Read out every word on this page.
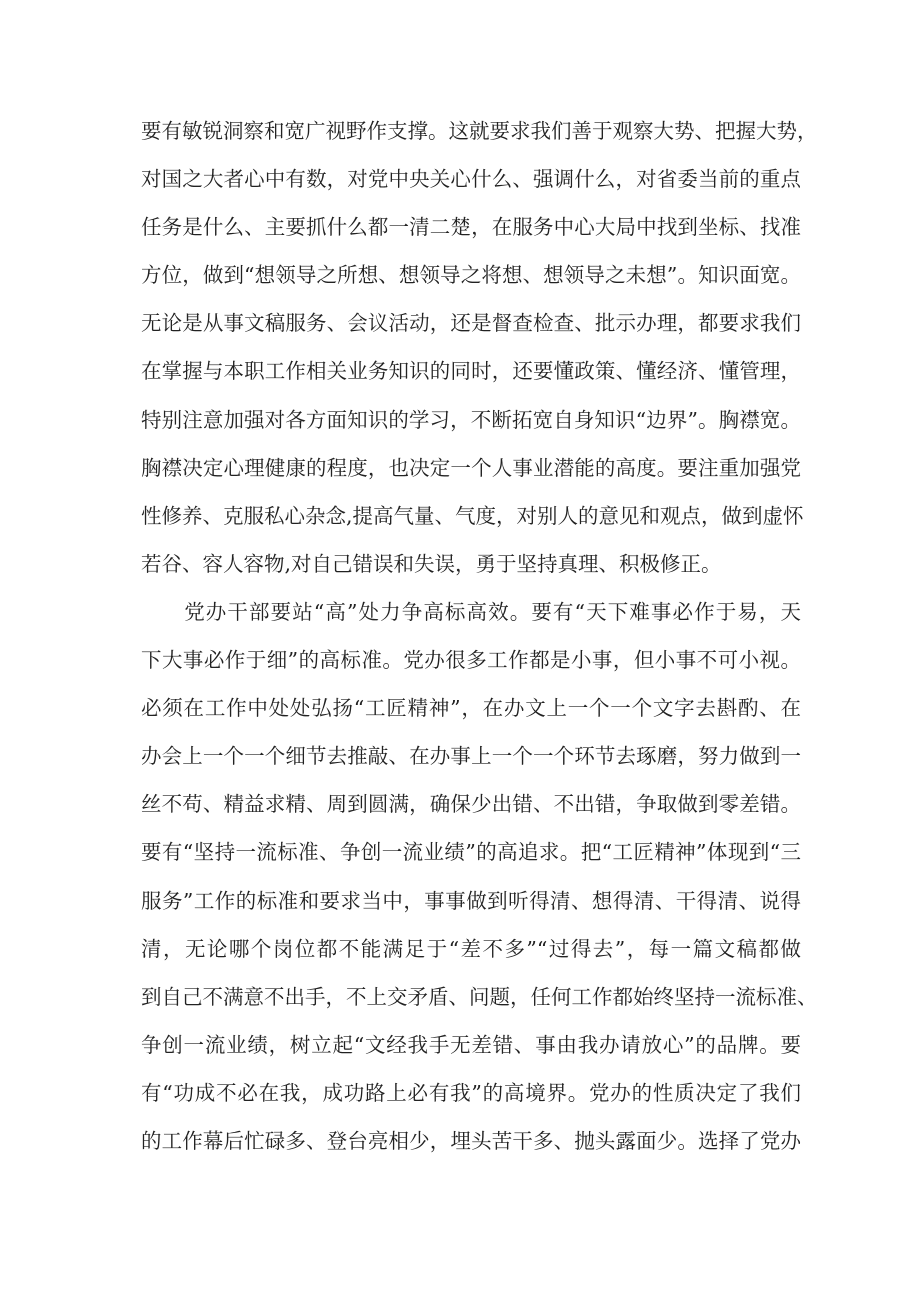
要有敏锐洞察和宽广视野作支撑。这就要求我们善于观察大势、把握大势，
对国之大者心中有数，对党中央关心什么、强调什么，对省委当前的重点
任务是什么、主要抓什么都一清二楚，在服务中心大局中找到坐标、找准
方位，做到“想领导之所想、想领导之将想、想领导之未想”。知识面宽。
无论是从事文稿服务、会议活动，还是督查检查、批示办理，都要求我们
在掌握与本职工作相关业务知识的同时，还要懂政策、懂经济、懂管理，
特别注意加强对各方面知识的学习，不断拓宽自身知识“边界”。胸襟宽。
胸襟决定心理健康的程度，也决定一个人事业潜能的高度。要注重加强党
性修养、克服私心杂念,提高气量、气度，对别人的意见和观点，做到虚怀
若谷、容人容物,对自己错误和失误，勇于坚持真理、积极修正。
　　党办干部要站“高”处力争高标高效。要有“天下难事必作于易，天
下大事必作于细”的高标准。党办很多工作都是小事，但小事不可小视。
必须在工作中处处弘扬“工匠精神”，在办文上一个一个文字去斟酌、在
办会上一个一个细节去推敲、在办事上一个一个环节去琢磨，努力做到一
丝不苟、精益求精、周到圆满，确保少出错、不出错，争取做到零差错。
要有“坚持一流标准、争创一流业绩”的高追求。把“工匠精神”体现到“三
服务”工作的标准和要求当中，事事做到听得清、想得清、干得清、说得
清，无论哪个岗位都不能满足于“差不多”“过得去”，每一篇文稿都做
到自己不满意不出手，不上交矛盾、问题，任何工作都始终坚持一流标准、
争创一流业绩，树立起“文经我手无差错、事由我办请放心”的品牌。要
有“功成不必在我，成功路上必有我”的高境界。党办的性质决定了我们
的工作幕后忙碌多、登台亮相少，埋头苦干多、抛头露面少。选择了党办
